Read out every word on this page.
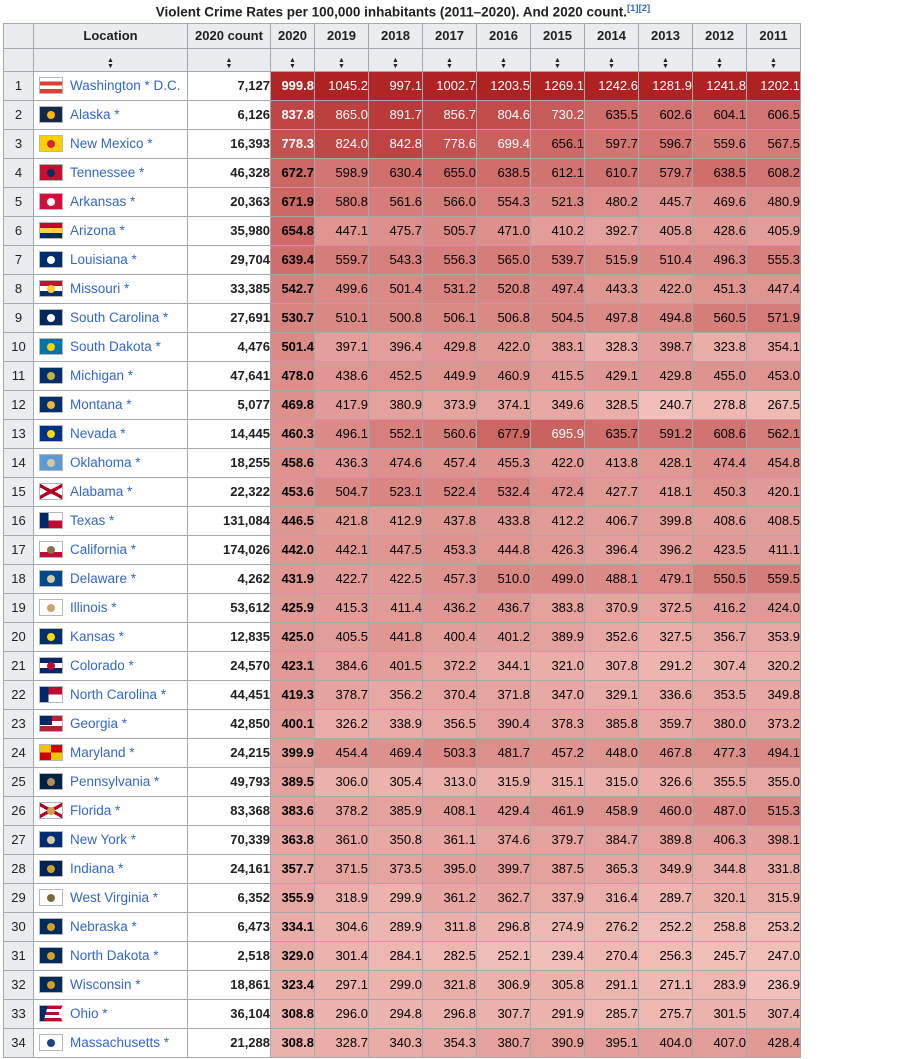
Violent Crime Rates per 100,000 inhabitants (2011–2020). And 2020 count.[1][2]
	Location	2020 count	2020	2019	2018	2017	2016	2015	2014	2013	2012	2011

	▲
▼	▲
▼	▲
▼	▲
▼	▲
▼	▲
▼	▲
▼	▲
▼	▲
▼	▲
▼	▲
▼	▲
▼

1	Washington * D.C.	7,127	999.8	1045.2	997.1	1002.7	1203.5	1269.1	1242.6	1281.9	1241.8	1202.1
2	Alaska *	6,126	837.8	865.0	891.7	856.7	804.6	730.2	635.5	602.6	604.1	606.5
3	New Mexico *	16,393	778.3	824.0	842.8	778.6	699.4	656.1	597.7	596.7	559.6	567.5
4	Tennessee *	46,328	672.7	598.9	630.4	655.0	638.5	612.1	610.7	579.7	638.5	608.2
5	Arkansas *	20,363	671.9	580.8	561.6	566.0	554.3	521.3	480.2	445.7	469.6	480.9
6	Arizona *	35,980	654.8	447.1	475.7	505.7	471.0	410.2	392.7	405.8	428.6	405.9
7	Louisiana *	29,704	639.4	559.7	543.3	556.3	565.0	539.7	515.9	510.4	496.3	555.3
8	Missouri *	33,385	542.7	499.6	501.4	531.2	520.8	497.4	443.3	422.0	451.3	447.4
9	South Carolina *	27,691	530.7	510.1	500.8	506.1	506.8	504.5	497.8	494.8	560.5	571.9
10	South Dakota *	4,476	501.4	397.1	396.4	429.8	422.0	383.1	328.3	398.7	323.8	354.1
11	Michigan *	47,641	478.0	438.6	452.5	449.9	460.9	415.5	429.1	429.8	455.0	453.0
12	Montana *	5,077	469.8	417.9	380.9	373.9	374.1	349.6	328.5	240.7	278.8	267.5
13	Nevada *	14,445	460.3	496.1	552.1	560.6	677.9	695.9	635.7	591.2	608.6	562.1
14	Oklahoma *	18,255	458.6	436.3	474.6	457.4	455.3	422.0	413.8	428.1	474.4	454.8
15	Alabama *	22,322	453.6	504.7	523.1	522.4	532.4	472.4	427.7	418.1	450.3	420.1
16	Texas *	131,084	446.5	421.8	412.9	437.8	433.8	412.2	406.7	399.8	408.6	408.5
17	California *	174,026	442.0	442.1	447.5	453.3	444.8	426.3	396.4	396.2	423.5	411.1
18	Delaware *	4,262	431.9	422.7	422.5	457.3	510.0	499.0	488.1	479.1	550.5	559.5
19	Illinois *	53,612	425.9	415.3	411.4	436.2	436.7	383.8	370.9	372.5	416.2	424.0
20	Kansas *	12,835	425.0	405.5	441.8	400.4	401.2	389.9	352.6	327.5	356.7	353.9
21	Colorado *	24,570	423.1	384.6	401.5	372.2	344.1	321.0	307.8	291.2	307.4	320.2
22	North Carolina *	44,451	419.3	378.7	356.2	370.4	371.8	347.0	329.1	336.6	353.5	349.8
23	Georgia *	42,850	400.1	326.2	338.9	356.5	390.4	378.3	385.8	359.7	380.0	373.2
24	Maryland *	24,215	399.9	454.4	469.4	503.3	481.7	457.2	448.0	467.8	477.3	494.1
25	Pennsylvania *	49,793	389.5	306.0	305.4	313.0	315.9	315.1	315.0	326.6	355.5	355.0
26	Florida *	83,368	383.6	378.2	385.9	408.1	429.4	461.9	458.9	460.0	487.0	515.3
27	New York *	70,339	363.8	361.0	350.8	361.1	374.6	379.7	384.7	389.8	406.3	398.1
28	Indiana *	24,161	357.7	371.5	373.5	395.0	399.7	387.5	365.3	349.9	344.8	331.8
29	West Virginia *	6,352	355.9	318.9	299.9	361.2	362.7	337.9	316.4	289.7	320.1	315.9
30	Nebraska *	6,473	334.1	304.6	289.9	311.8	296.8	274.9	276.2	252.2	258.8	253.2
31	North Dakota *	2,518	329.0	301.4	284.1	282.5	252.1	239.4	270.4	256.3	245.7	247.0
32	Wisconsin *	18,861	323.4	297.1	299.0	321.8	306.9	305.8	291.1	271.1	283.9	236.9
33	Ohio *	36,104	308.8	296.0	294.8	296.8	307.7	291.9	285.7	275.7	301.5	307.4
34	Massachusetts *	21,288	308.8	328.7	340.3	354.3	380.7	390.9	395.1	404.0	407.0	428.4
